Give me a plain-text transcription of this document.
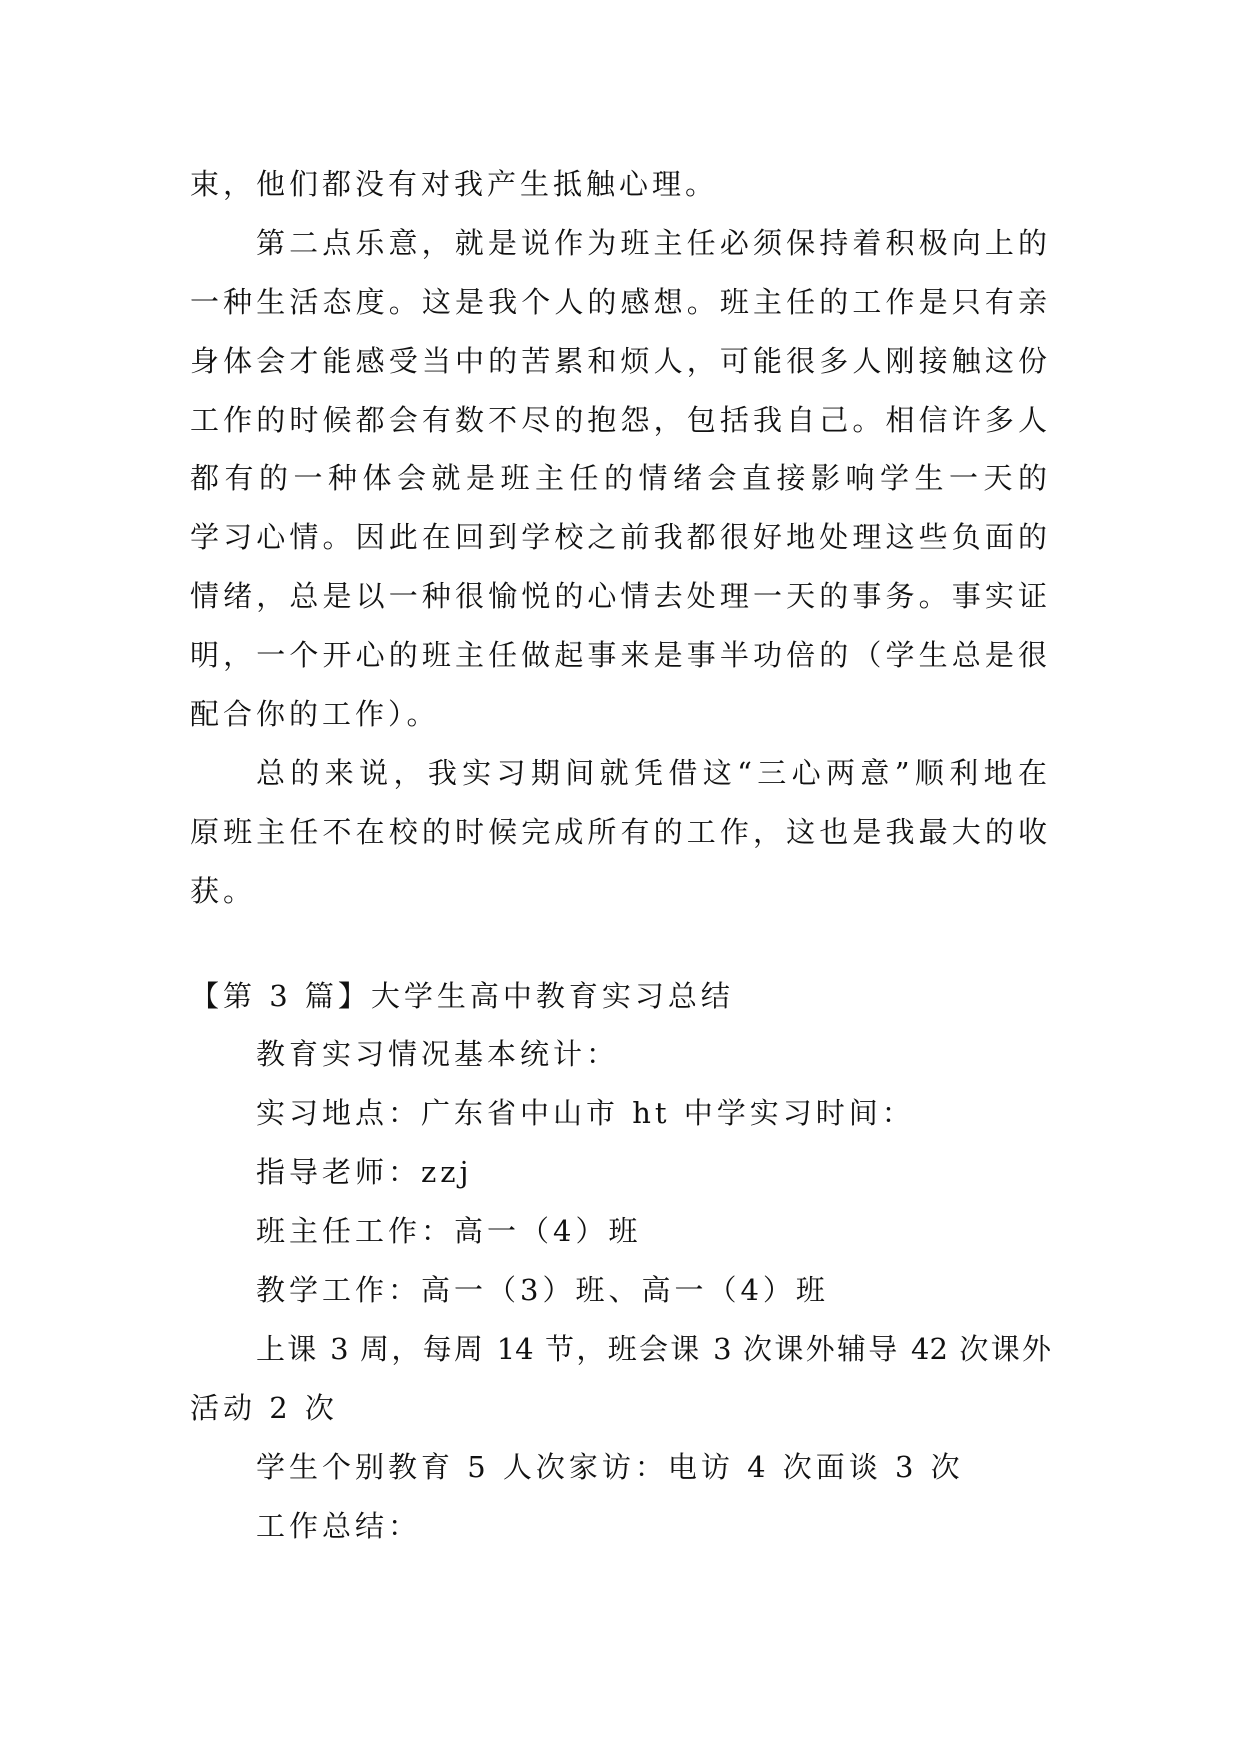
束，他们都没有对我产生抵触心理。
第二点乐意，就是说作为班主任必须保持着积极向上的
一种生活态度。这是我个人的感想。班主任的工作是只有亲
身体会才能感受当中的苦累和烦人，可能很多人刚接触这份
工作的时候都会有数不尽的抱怨，包括我自己。相信许多人
都有的一种体会就是班主任的情绪会直接影响学生一天的
学习心情。因此在回到学校之前我都很好地处理这些负面的
情绪，总是以一种很愉悦的心情去处理一天的事务。事实证
明，一个开心的班主任做起事来是事半功倍的（学生总是很
配合你的工作）。
总的来说，我实习期间就凭借这“三心两意”顺利地在
原班主任不在校的时候完成所有的工作，这也是我最大的收
获。
【第 3 篇】大学生高中教育实习总结
教育实习情况基本统计：
实习地点：广东省中山市 ht 中学实习时间：
指导老师：zzj
班主任工作：高一（4）班
教学工作：高一（3）班、高一（4）班
上课 3 周，每周 14 节，班会课 3 次课外辅导 42 次课外
活动 2 次
学生个别教育 5 人次家访：电访 4 次面谈 3 次
工作总结：
